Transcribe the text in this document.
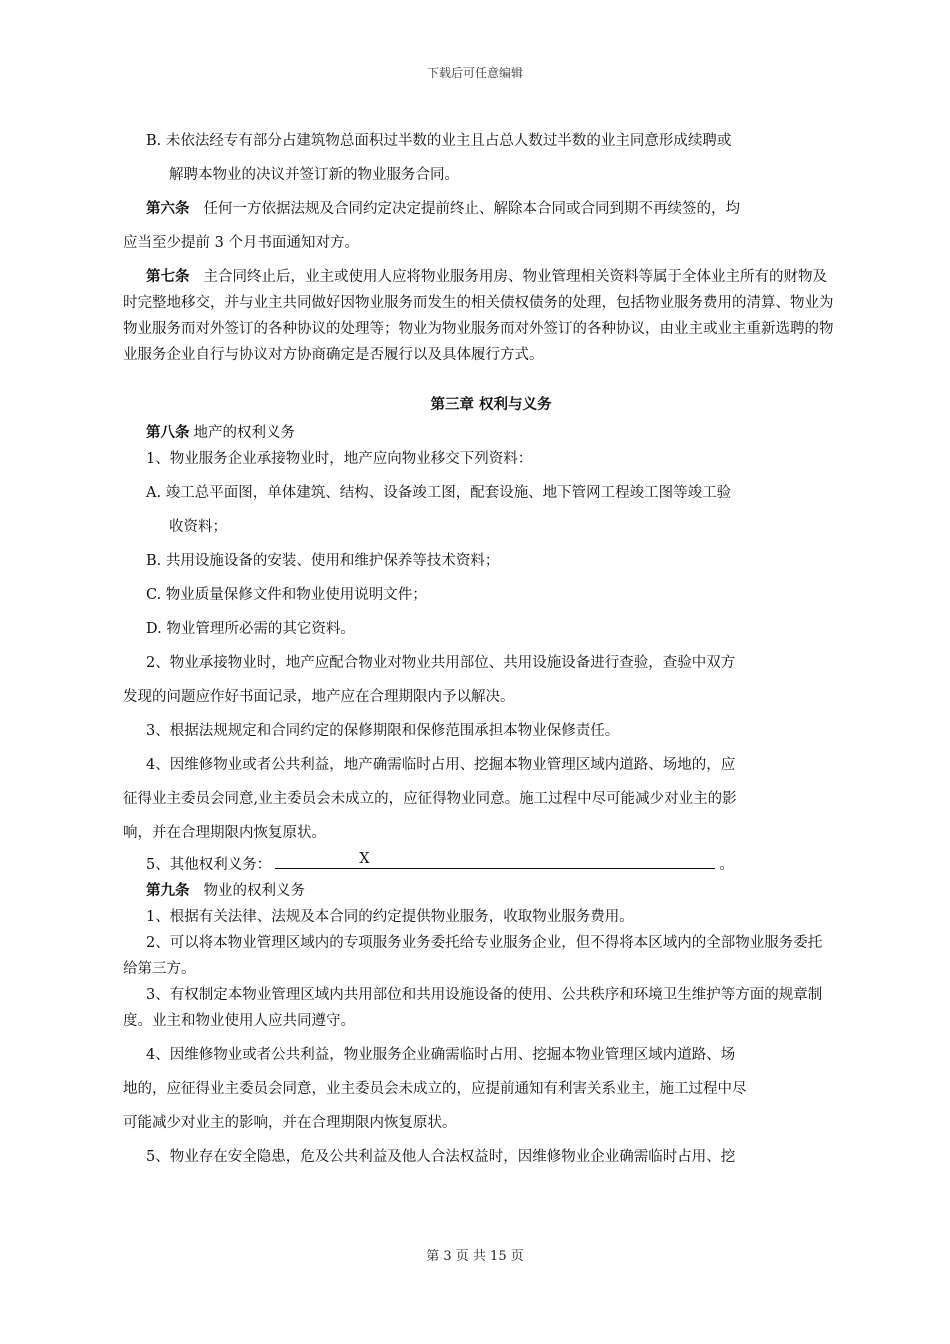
下载后可任意编辑

B. 未依法经专有部分占建筑物总面积过半数的业主且占总人数过半数的业主同意形成续聘或

解聘本物业的决议并签订新的物业服务合同。

第六条 任何一方依据法规及合同约定决定提前终止、解除本合同或合同到期不再续签的，均

应当至少提前 3 个月书面通知对方。

第七条 主合同终止后，业主或使用人应将物业服务用房、物业管理相关资料等属于全体业主所有的财物及时完整地移交，并与业主共同做好因物业服务而发生的相关债权债务的处理，包括物业服务费用的清算、物业为物业服务而对外签订的各种协议的处理等；物业为物业服务而对外签订的各种协议，由业主或业主重新选聘的物业服务企业自行与协议对方协商确定是否履行以及具体履行方式。

第三章 权利与义务

第八条 地产的权利义务

1、物业服务企业承接物业时，地产应向物业移交下列资料：

A. 竣工总平面图，单体建筑、结构、设备竣工图，配套设施、地下管网工程竣工图等竣工验

收资料；

B. 共用设施设备的安装、使用和维护保养等技术资料；

C. 物业质量保修文件和物业使用说明文件；

D. 物业管理所必需的其它资料。

2、物业承接物业时，地产应配合物业对物业共用部位、共用设施设备进行查验，查验中双方

发现的问题应作好书面记录，地产应在合理期限内予以解决。

3、根据法规规定和合同约定的保修期限和保修范围承担本物业保修责任。

4、因维修物业或者公共利益，地产确需临时占用、挖掘本物业管理区域内道路、场地的，应

征得业主委员会同意,业主委员会未成立的，应征得物业同意。施工过程中尽可能减少对业主的影

响，并在合理期限内恢复原状。

5、其他权利义务：	X	。

第九条 物业的权利义务

1、根据有关法律、法规及本合同的约定提供物业服务，收取物业服务费用。

2、可以将本物业管理区域内的专项服务业务委托给专业服务企业，但不得将本区域内的全部物业服务委托给第三方。

3、有权制定本物业管理区域内共用部位和共用设施设备的使用、公共秩序和环境卫生维护等方面的规章制度。业主和物业使用人应共同遵守。

4、因维修物业或者公共利益，物业服务企业确需临时占用、挖掘本物业管理区域内道路、场

地的，应征得业主委员会同意，业主委员会未成立的，应提前通知有利害关系业主，施工过程中尽

可能减少对业主的影响，并在合理期限内恢复原状。

5、物业存在安全隐患，危及公共利益及他人合法权益时，因维修物业企业确需临时占用、挖

第 3 页 共 15 页
